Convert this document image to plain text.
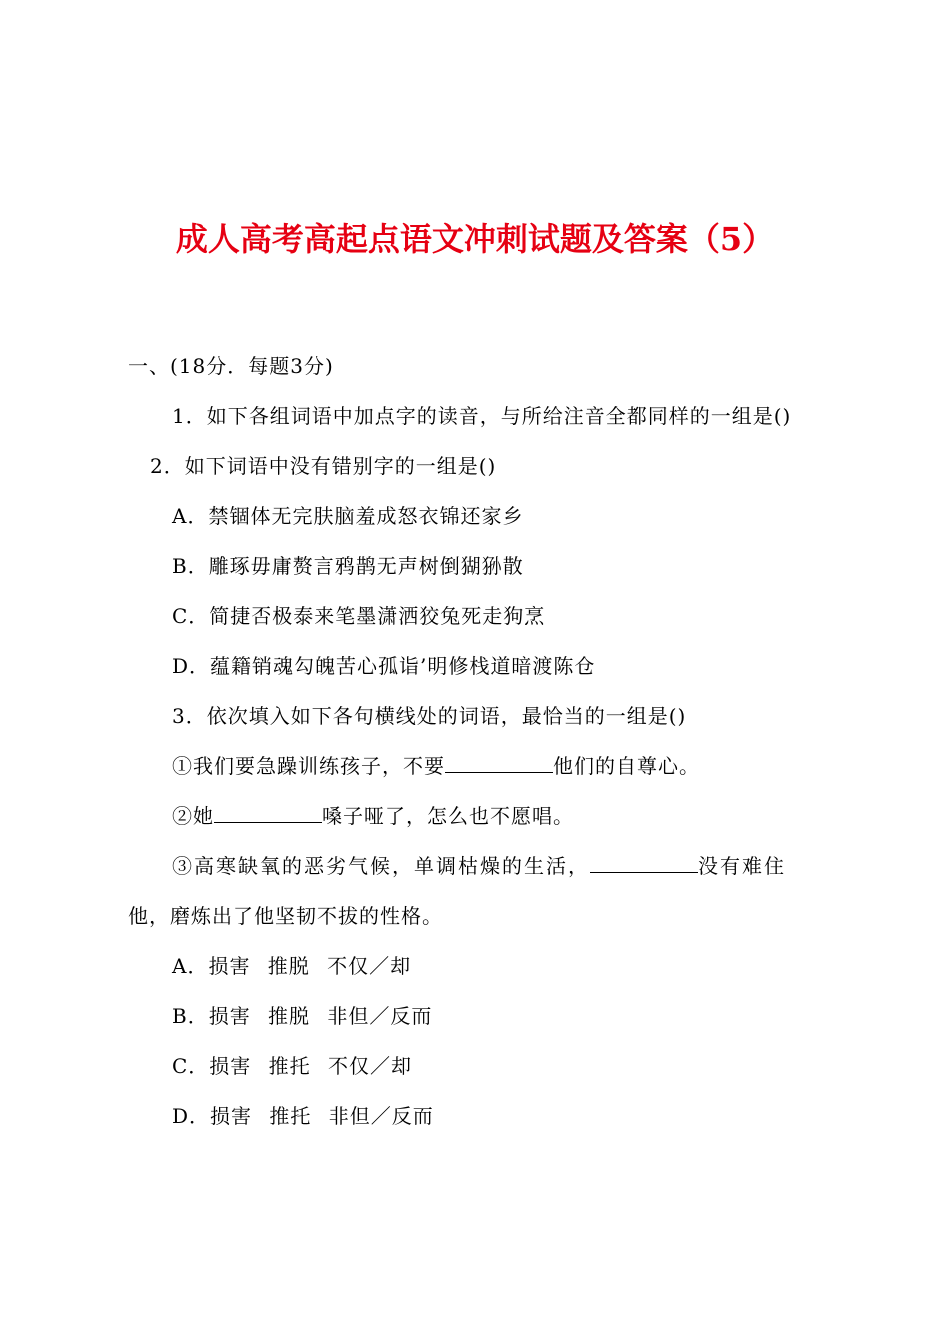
成人高考高起点语文冲刺试题及答案（5）
一、(18分．每题3分)
1．如下各组词语中加点字的读音，与所给注音全都同样的一组是()
2．如下词语中没有错别字的一组是()
A．禁锢体无完肤脑羞成怒衣锦还家乡
B．雕琢毋庸赘言鸦鹊无声树倒猢狲散
C．简捷否极泰来笔墨潇洒狡兔死走狗烹
D．蕴籍销魂勾魄苦心孤诣’明修栈道暗渡陈仓
3．依次填入如下各句横线处的词语，最恰当的一组是()
①我们要急躁训练孩子，不要	他们的自尊心。
②她	嗓子哑了，怎么也不愿唱。
③高寒缺氧的恶劣气候，单调枯燥的生活，	没有难住
他，磨炼出了他坚韧不拔的性格。
A．损害 推脱 不仅／却
B．损害 推脱 非但／反而
C．损害 推托 不仅／却
D．损害 推托 非但／反而
